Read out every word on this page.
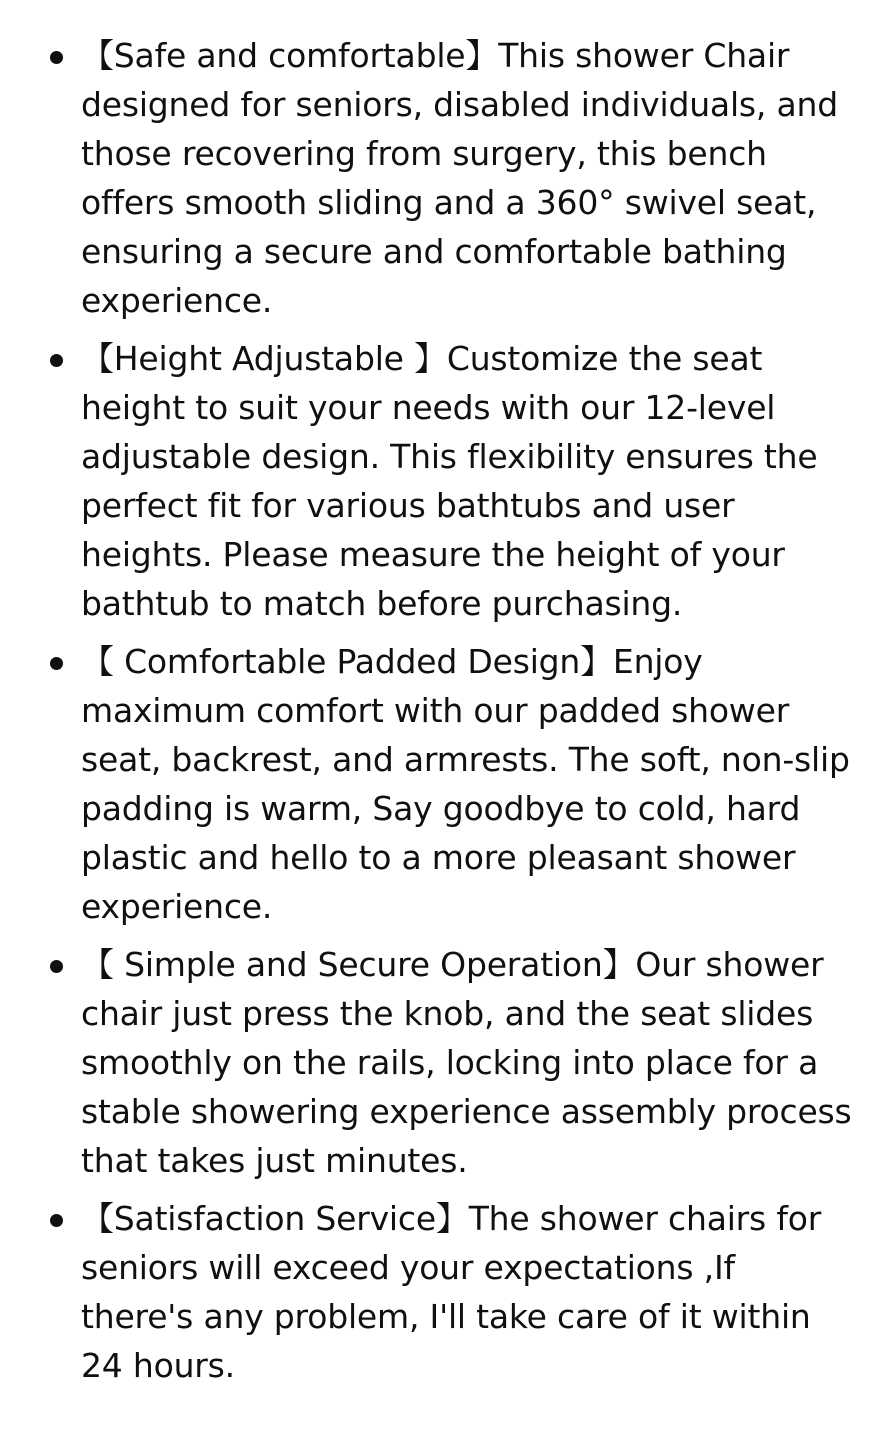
【Safe and comfortable】This shower Chair designed for seniors, disabled individuals, and those recovering from surgery, this bench offers smooth sliding and a 360° swivel seat, ensuring a secure and comfortable bathing experience.
【Height Adjustable 】Customize the seat height to suit your needs with our 12-level adjustable design. This flexibility ensures the perfect fit for various bathtubs and user heights. Please measure the height of your bathtub to match before purchasing.
【 Comfortable Padded Design】Enjoy maximum comfort with our padded shower seat, backrest, and armrests. The soft, non-slip padding is warm, Say goodbye to cold, hard plastic and hello to a more pleasant shower experience.
【 Simple and Secure Operation】Our shower chair just press the knob, and the seat slides smoothly on the rails, locking into place for a stable showering experience assembly process that takes just minutes.
【Satisfaction Service】The shower chairs for seniors will exceed your expectations ,If there's any problem, I'll take care of it within 24 hours.
